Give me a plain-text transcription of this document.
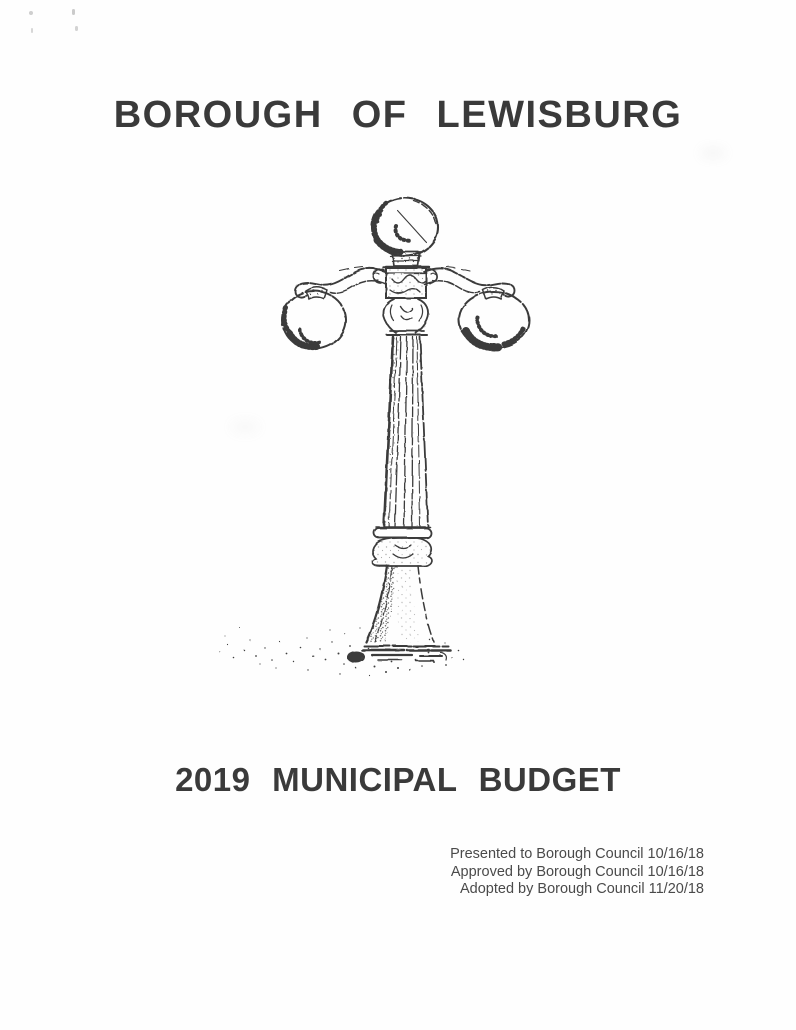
BOROUGH OF LEWISBURG
2019 MUNICIPAL BUDGET
Presented to Borough Council 10/16/18
Approved by Borough Council 10/16/18
Adopted by Borough Council 11/20/18
